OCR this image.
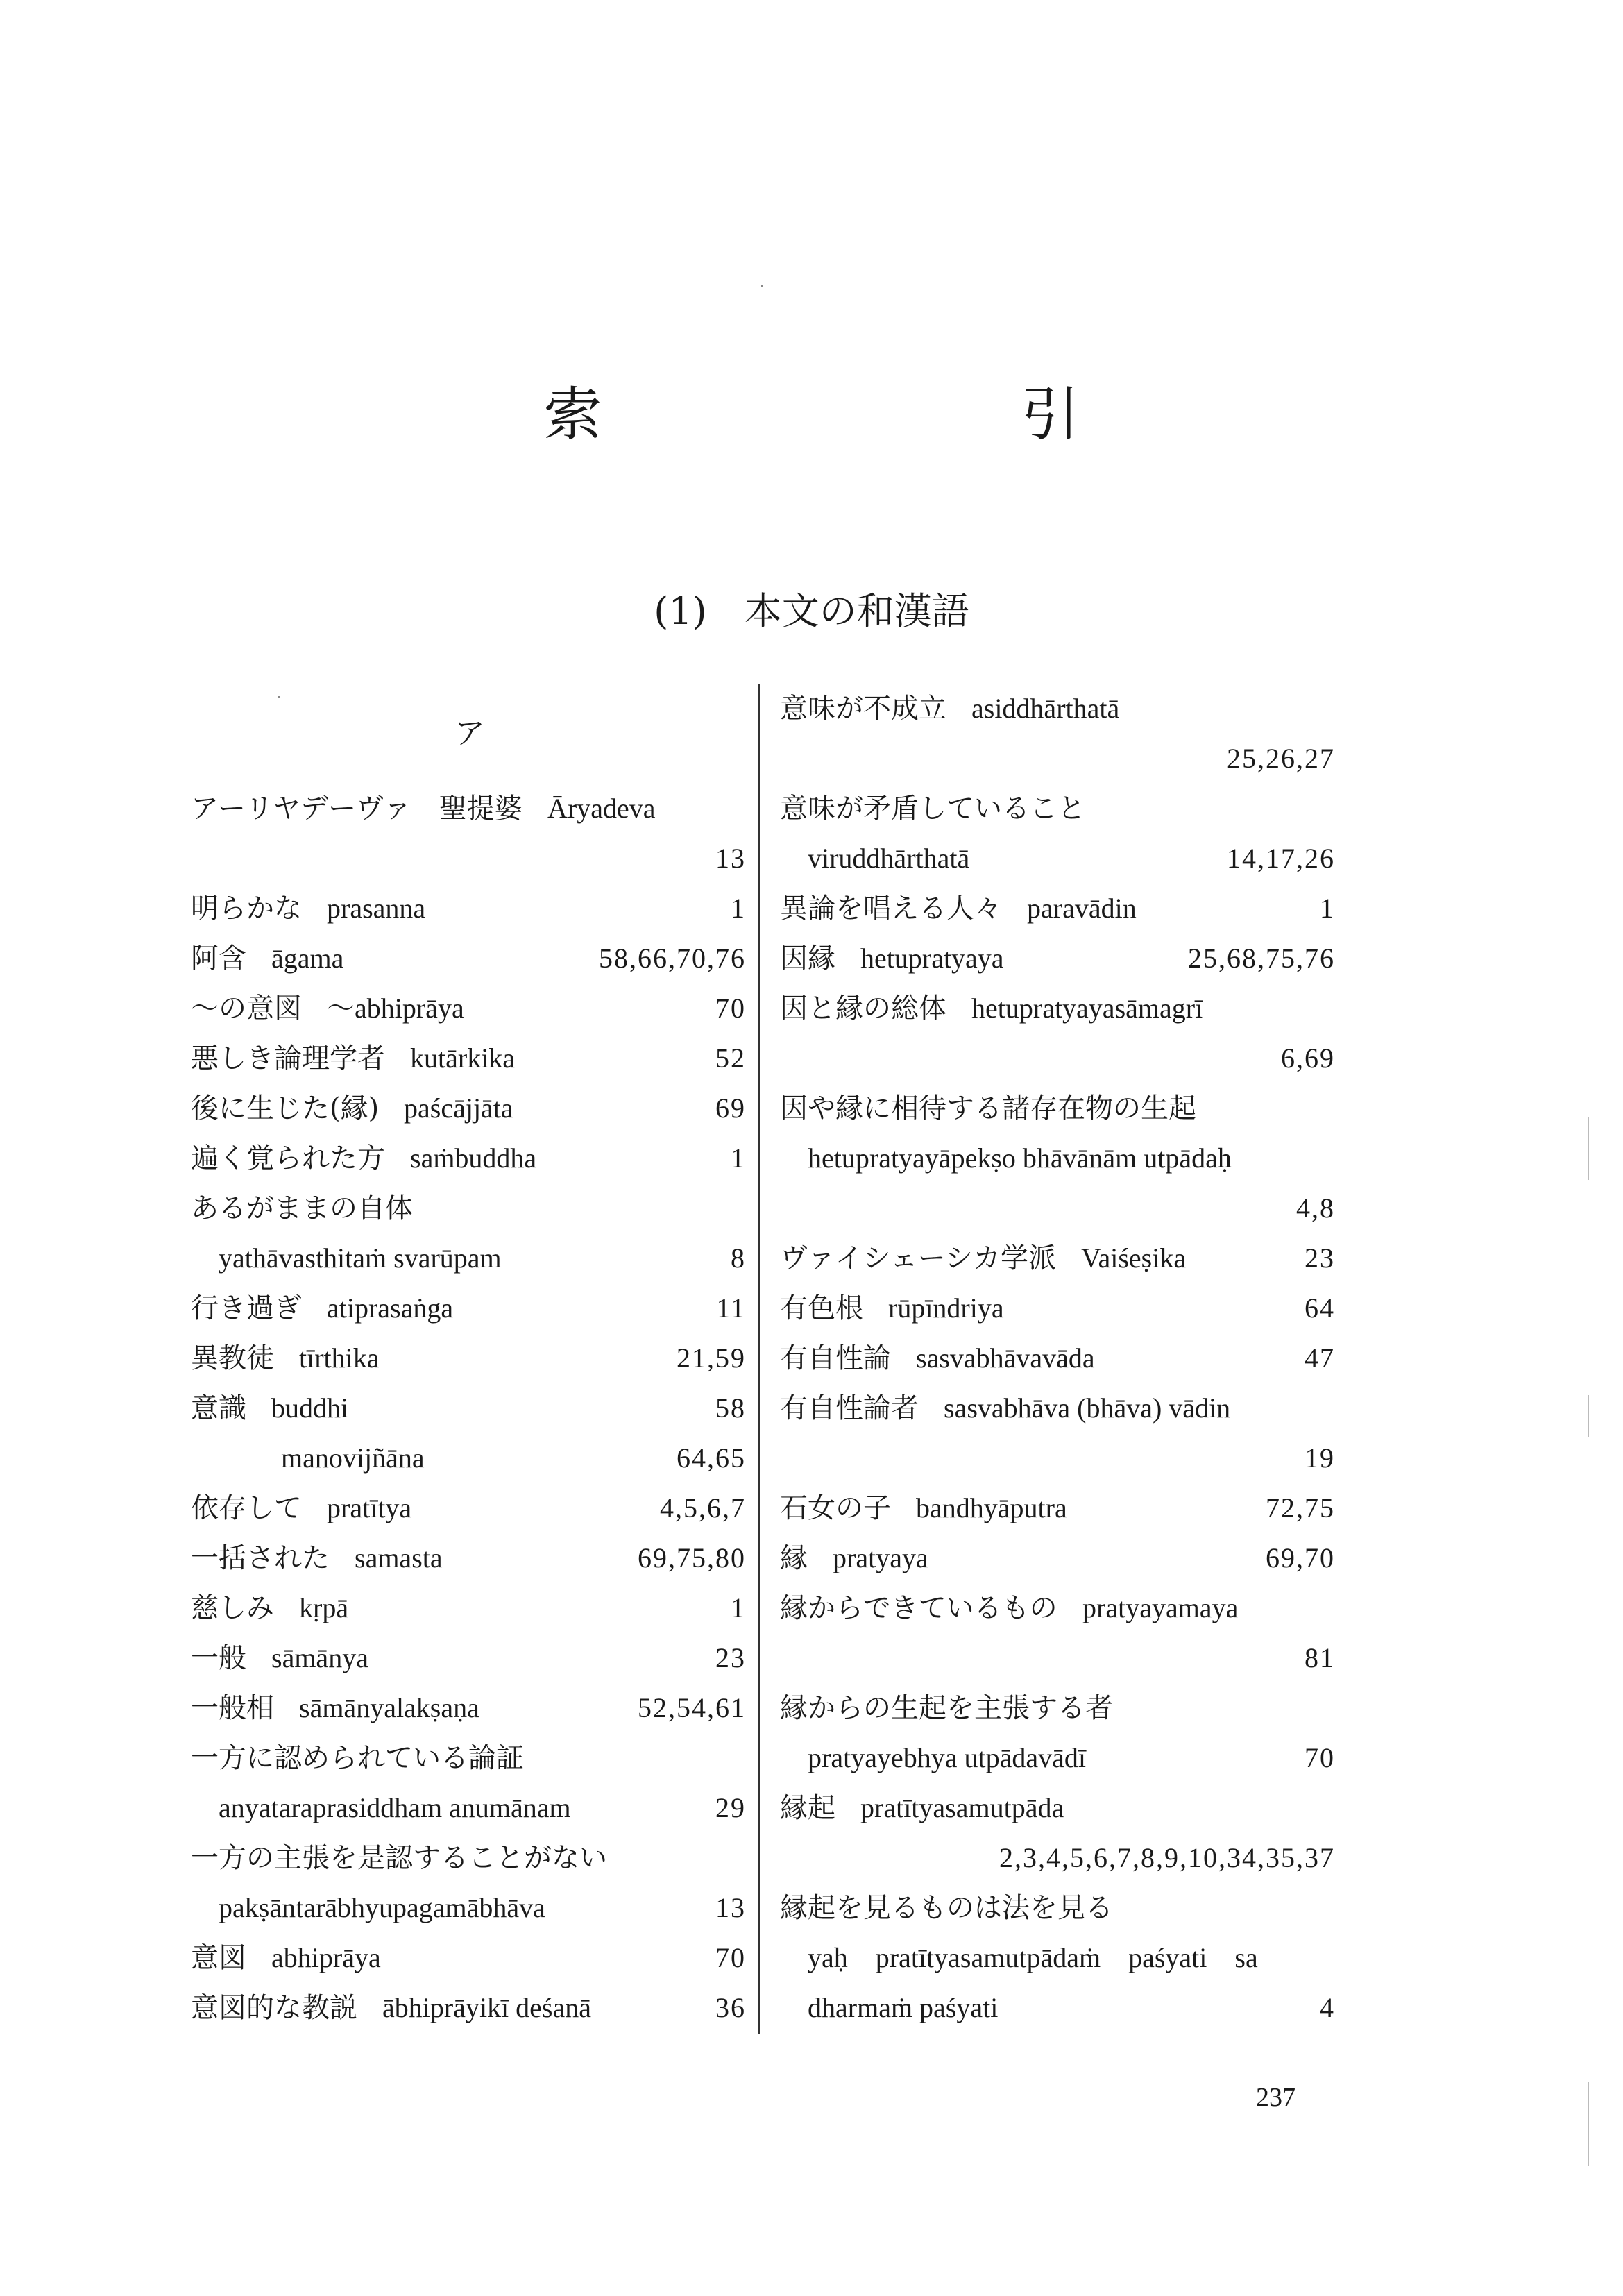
索　引
(1)　本文の和漢語
ア
アーリヤデーヴァ　聖提婆 Āryadeva
13
明らかな prasanna	1
阿含 āgama	58,66,70,76
～の意図 ～abhiprāya	70
悪しき論理学者 kutārkika	52
後に生じた(縁) paścājjāta	69
遍く覚られた方 saṁbuddha	1
あるがままの自体
yathāvasthitaṁ svarūpam	8
行き過ぎ atiprasaṅga	11
異教徒 tīrthika	21,59
意識 buddhi	58
manovijñāna	64,65
依存して pratītya	4,5,6,7
一括された samasta	69,75,80
慈しみ kṛpā	1
一般 sāmānya	23
一般相 sāmānyalakṣaṇa	52,54,61
一方に認められている論証
anyataraprasiddham anumānam	29
一方の主張を是認することがない
pakṣāntarābhyupagamābhāva	13
意図 abhiprāya	70
意図的な教説 ābhiprāyikī deśanā	36
意味が不成立 asiddhārthatā
25,26,27
意味が矛盾していること
viruddhārthatā	14,17,26
異論を唱える人々 paravādin	1
因縁 hetupratyaya	25,68,75,76
因と縁の総体 hetupratyayasāmagrī
6,69
因や縁に相待する諸存在物の生起
hetupratyayāpekṣo bhāvānām utpādaḥ
4,8
ヴァイシェーシカ学派 Vaiśeṣika	23
有色根 rūpīndriya	64
有自性論 sasvabhāvavāda	47
有自性論者 sasvabhāva (bhāva) vādin
19
石女の子 bandhyāputra	72,75
縁 pratyaya	69,70
縁からできているもの pratyayamaya
81
縁からの生起を主張する者
pratyayebhya utpādavādī	70
縁起 pratītyasamutpāda
2,3,4,5,6,7,8,9,10,34,35,37
縁起を見るものは法を見る
yaḥ　pratītyasamutpādaṁ　paśyati　sa
dharmaṁ paśyati	4
237
